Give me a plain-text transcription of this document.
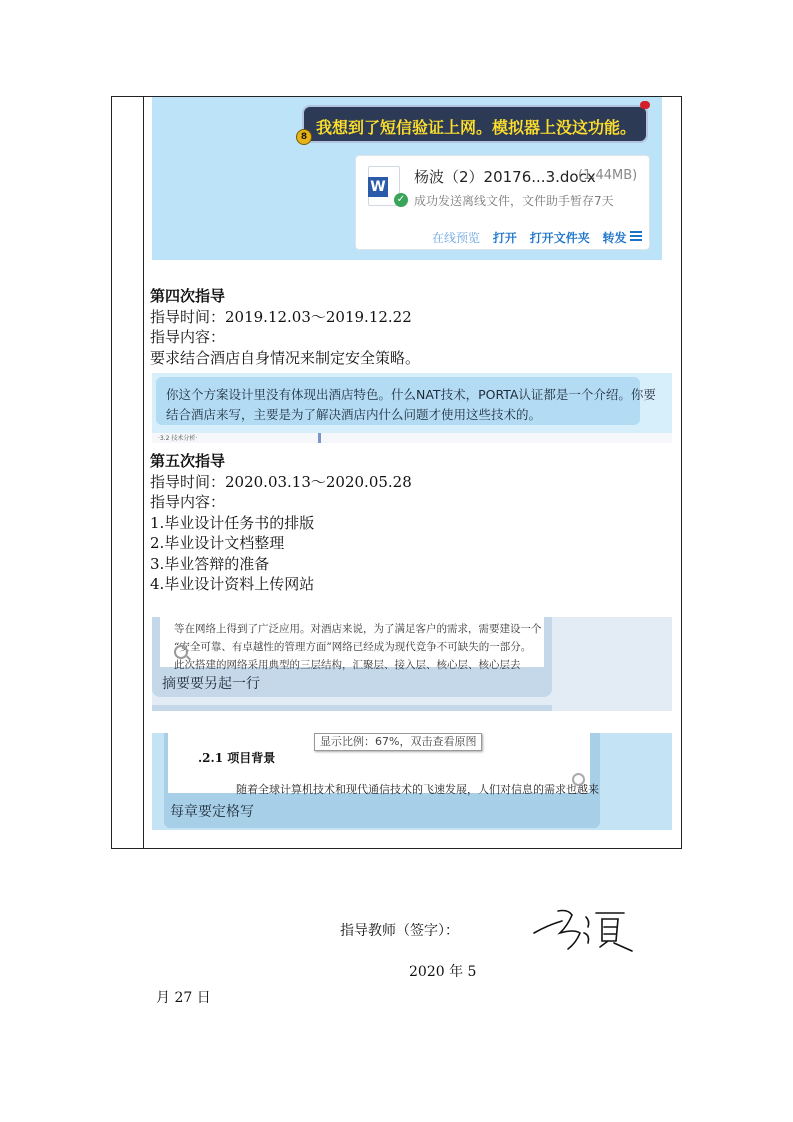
我想到了短信验证上网。模拟器上没这功能。
8
W
杨波（2）20176...3.docx
(1.44MB)
✓ 成功发送离线文件，文件助手暂存7天
在线预览 打开 打开文件夹 转发
第四次指导
指导时间：2019.12.03～2019.12.22
指导内容：
要求结合酒店自身情况来制定安全策略。
你这个方案设计里没有体现出酒店特色。什么NAT技术，PORTA认证都是一个介绍。你要
结合酒店来写，主要是为了解决酒店内什么问题才使用这些技术的。
·3.2 技术分析·
第五次指导
指导时间：2020.03.13～2020.05.28
指导内容：
1.毕业设计任务书的排版
2.毕业设计文档整理
3.毕业答辩的准备
4.毕业设计资料上传网站
等在网络上得到了广泛应用。对酒店来说，为了满足客户的需求，需要建设一个
“安全可靠、有卓越性的管理方面”网络已经成为现代竞争不可缺失的一部分。
此次搭建的网络采用典型的三层结构，汇聚层、接入层、核心层、核心层去
摘要要另起一行
.2.1 项目背景
随着全球计算机技术和现代通信技术的飞速发展，人们对信息的需求也越来
显示比例：67%，双击查看原图
每章要定格写
指导教师（签字）：
2020 年 5
月 27 日
